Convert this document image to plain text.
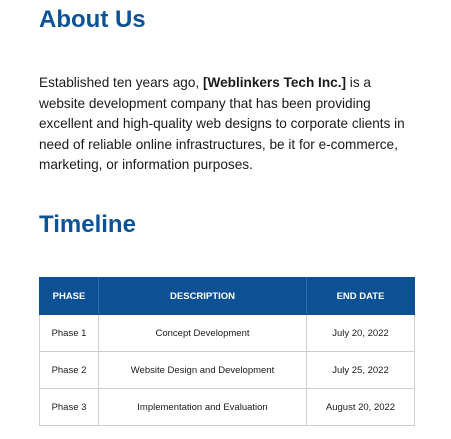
About Us

Established ten years ago, [Weblinkers Tech Inc.] is a website development company that has been providing excellent and high-quality web designs to corporate clients in need of reliable online infrastructures, be it for e-commerce, marketing, or information purposes.

Timeline
PHASE	DESCRIPTION	END DATE
Phase 1	Concept Development	July 20, 2022
Phase 2	Website Design and Development	July 25, 2022
Phase 3	Implementation and Evaluation	August 20, 2022
